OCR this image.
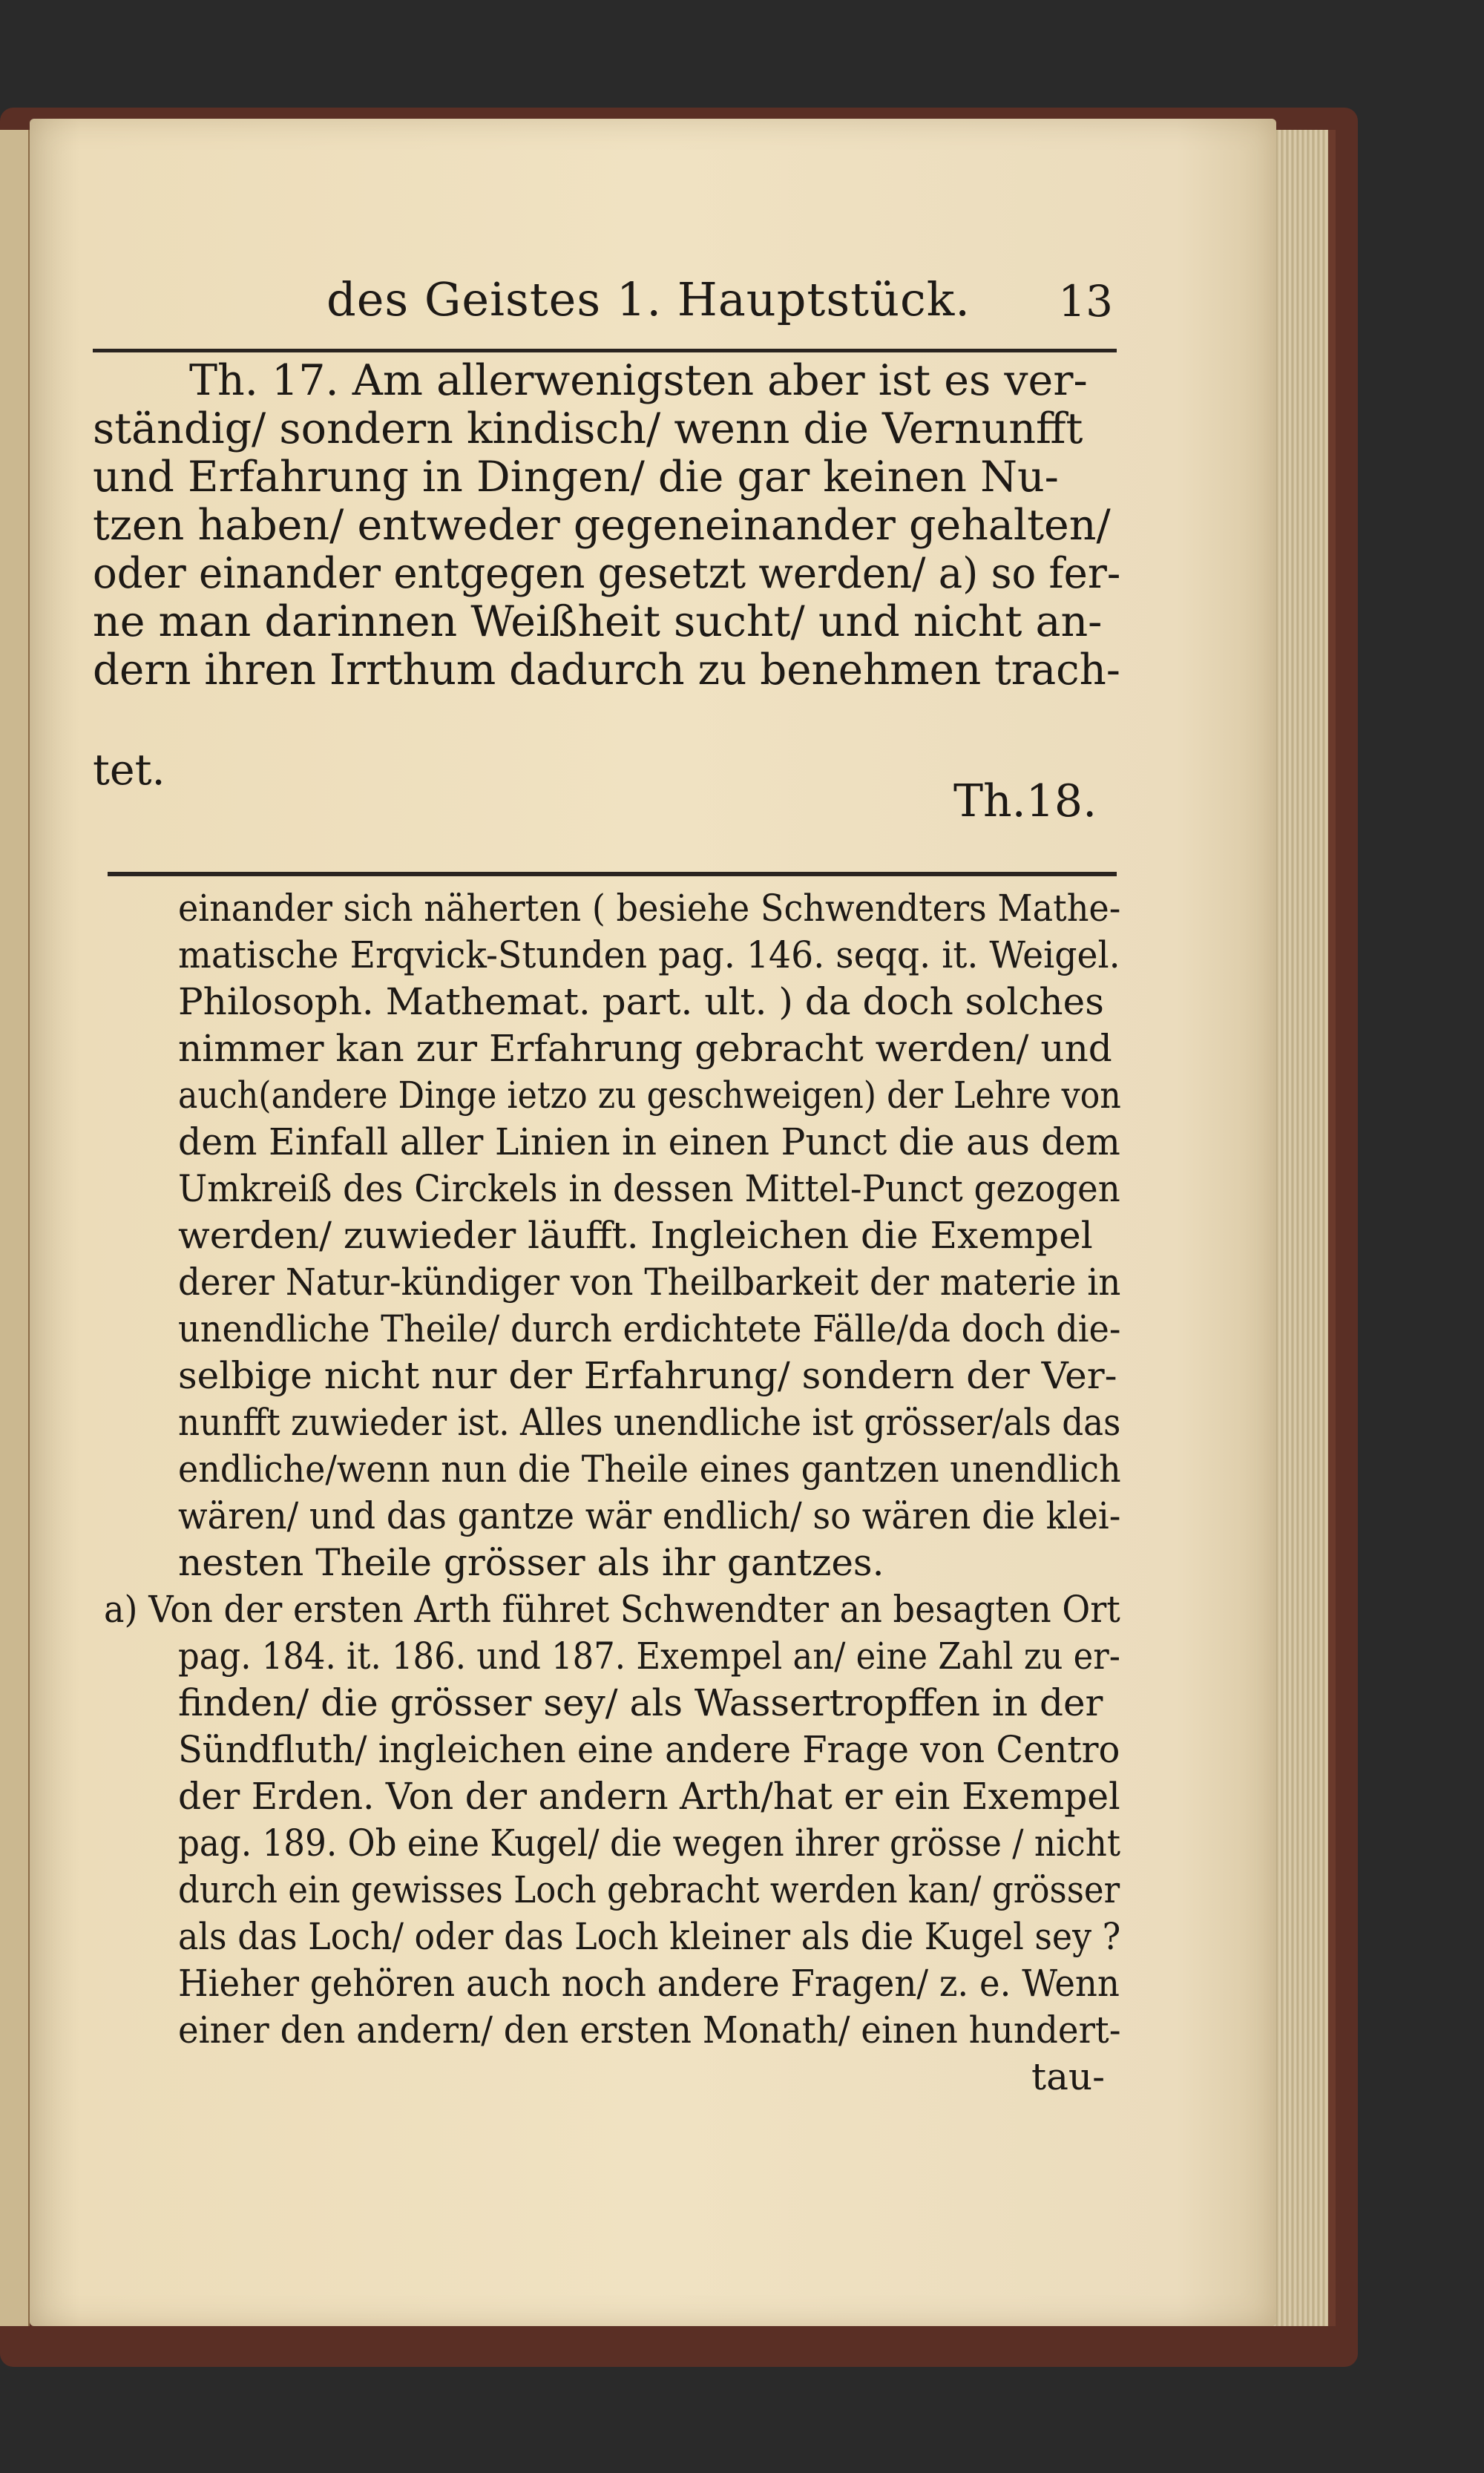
des Geistes 1. Hauptstück. 13
Th. 17. Am allerwenigsten aber ist es ver-
ständig/ sondern kindisch/ wenn die Vernunfft
und Erfahrung in Dingen/ die gar keinen Nu-
tzen haben/ entweder gegeneinander gehalten/
oder einander entgegen gesetzt werden/ a) so fer-
ne man darinnen Weißheit sucht/ und nicht an-
dern ihren Irrthum dadurch zu benehmen trach-
tet.
Th.18.
einander sich näherten ( besiehe Schwendters Mathe-
matische Erqvick-Stunden pag. 146. seqq. it. Weigel.
Philosoph. Mathemat. part. ult. ) da doch solches
nimmer kan zur Erfahrung gebracht werden/ und
auch(andere Dinge ietzo zu geschweigen) der Lehre von
dem Einfall aller Linien in einen Punct die aus dem
Umkreiß des Circkels in dessen Mittel-Punct gezogen
werden/ zuwieder läufft. Ingleichen die Exempel
derer Natur-kündiger von Theilbarkeit der materie in
unendliche Theile/ durch erdichtete Fälle/da doch die-
selbige nicht nur der Erfahrung/ sondern der Ver-
nunfft zuwieder ist. Alles unendliche ist grösser/als das
endliche/wenn nun die Theile eines gantzen unendlich
wären/ und das gantze wär endlich/ so wären die klei-
nesten Theile grösser als ihr gantzes.
a) Von der ersten Arth führet Schwendter an besagten Ort
pag. 184. it. 186. und 187. Exempel an/ eine Zahl zu er-
finden/ die grösser sey/ als Wassertropffen in der
Sündfluth/ ingleichen eine andere Frage von Centro
der Erden. Von der andern Arth/hat er ein Exempel
pag. 189. Ob eine Kugel/ die wegen ihrer grösse / nicht
durch ein gewisses Loch gebracht werden kan/ grösser
als das Loch/ oder das Loch kleiner als die Kugel sey ?
Hieher gehören auch noch andere Fragen/ z. e. Wenn
einer den andern/ den ersten Monath/ einen hundert-
tau-
